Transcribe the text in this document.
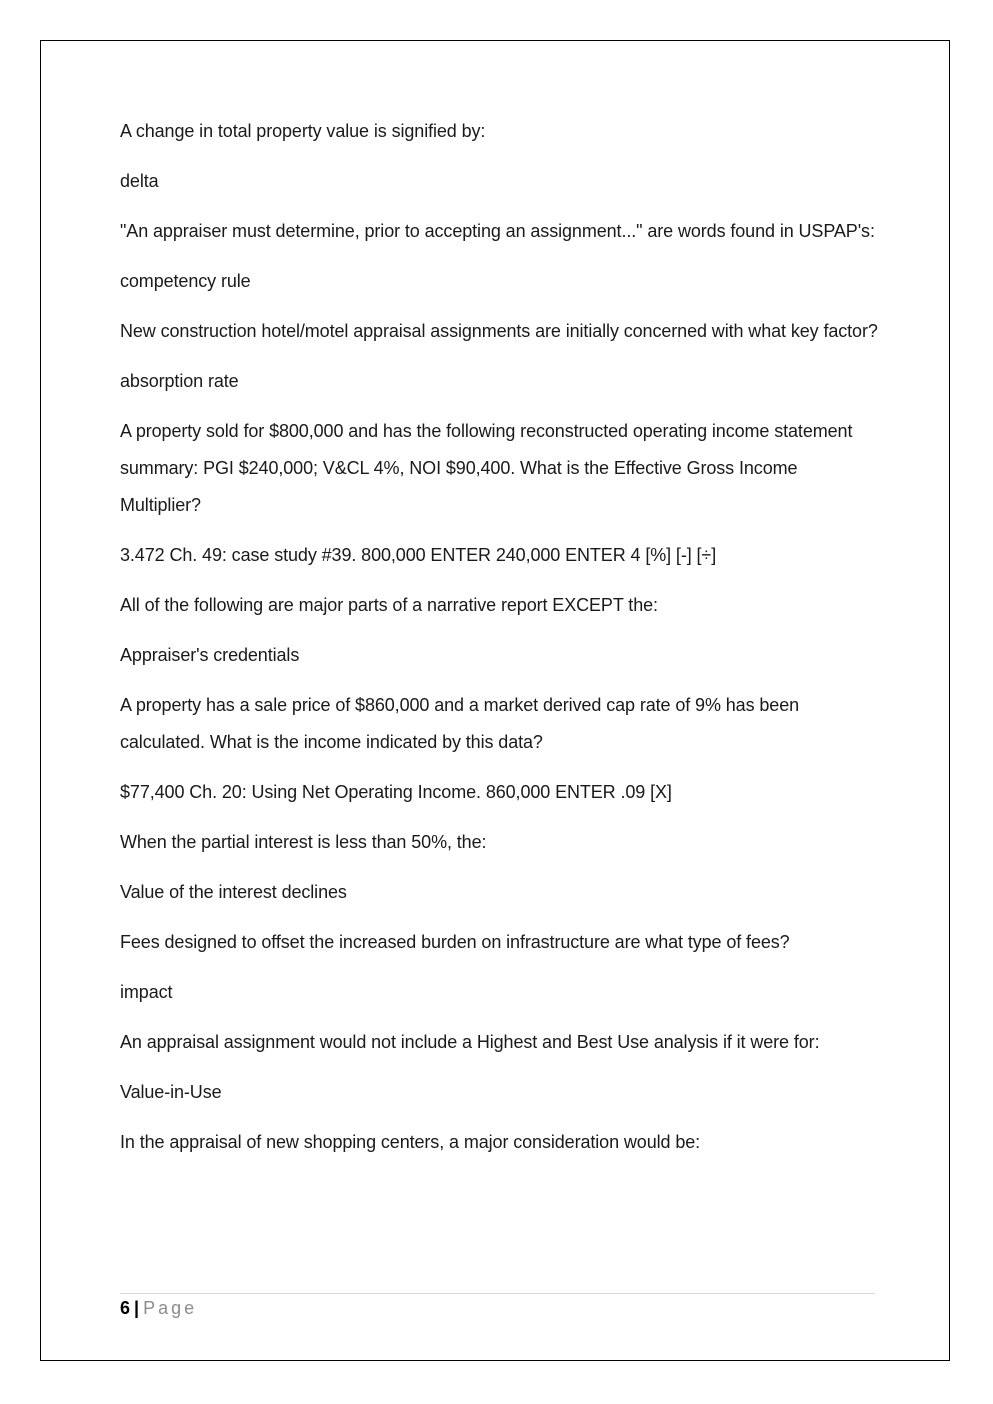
A change in total property value is signified by:

delta

"An appraiser must determine, prior to accepting an assignment..." are words found in USPAP's:

competency rule

New construction hotel/motel appraisal assignments are initially concerned with what key factor?

absorption rate

A property sold for $800,000 and has the following reconstructed operating income statement summary: PGI $240,000; V&CL 4%, NOI $90,400. What is the Effective Gross Income Multiplier?

3.472 Ch. 49: case study #39. 800,000 ENTER 240,000 ENTER 4 [%] [-] [÷]

All of the following are major parts of a narrative report EXCEPT the:

Appraiser's credentials

A property has a sale price of $860,000 and a market derived cap rate of 9% has been calculated. What is the income indicated by this data?

$77,400 Ch. 20: Using Net Operating Income. 860,000 ENTER .09 [X]

When the partial interest is less than 50%, the:

Value of the interest declines

Fees designed to offset the increased burden on infrastructure are what type of fees?

impact

An appraisal assignment would not include a Highest and Best Use analysis if it were for:

Value-in-Use

In the appraisal of new shopping centers, a major consideration would be:

6 | Page
